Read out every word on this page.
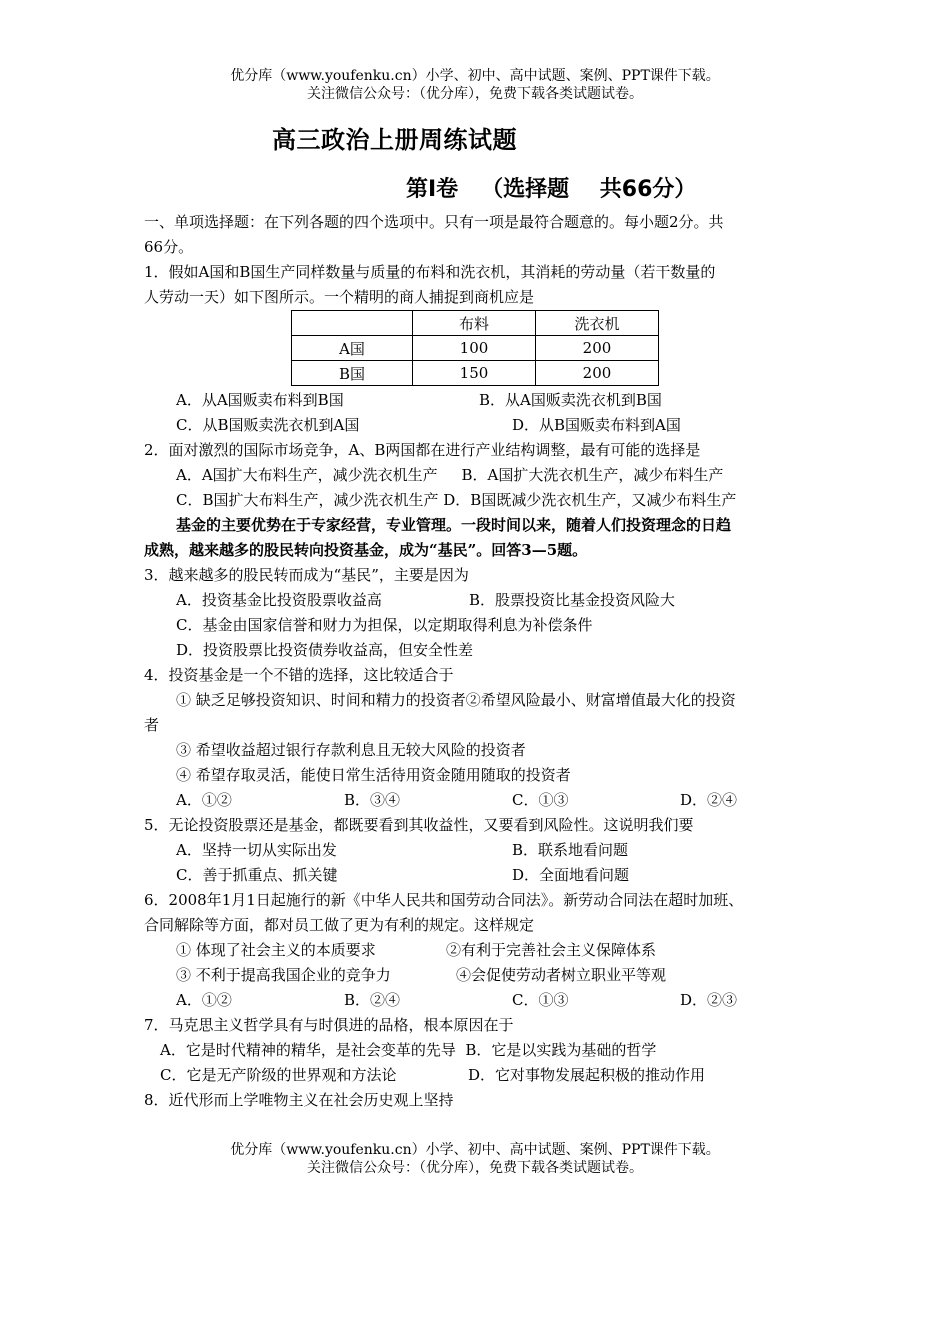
优分库（www.youfenku.cn）小学、初中、高中试题、案例、PPT课件下载。
关注微信公众号：（优分库），免费下载各类试题试卷。
高三政治上册周练试题
第Ⅰ卷   （选择题    共66分）
一、单项选择题：在下列各题的四个选项中。只有一项是最符合题意的。每小题2分。共
66分。
1．假如A国和B国生产同样数量与质量的布料和洗衣机，其消耗的劳动量（若干数量的
人劳动一天）如下图所示。一个精明的商人捕捉到商机应是
	布料	洗衣机
A国	100	200
B国	150	200
A．从A国贩卖布料到B国	B．从A国贩卖洗衣机到B国
C．从B国贩卖洗衣机到A国	D．从B国贩卖布料到A国
2．面对激烈的国际市场竞争，A、B两国都在进行产业结构调整，最有可能的选择是
A．A国扩大布料生产，减少洗衣机生产     B．A国扩大洗衣机生产，减少布料生产
C．B国扩大布料生产，减少洗衣机生产 D．B国既减少洗衣机生产，又减少布料生产
基金的主要优势在于专家经营，专业管理。一段时间以来，随着人们投资理念的日趋
成熟，越来越多的股民转向投资基金，成为“基民”。回答3—5题。
3．越来越多的股民转而成为“基民”，主要是因为
A．投资基金比投资股票收益高	B．股票投资比基金投资风险大
C．基金由国家信誉和财力为担保，以定期取得利息为补偿条件
D．投资股票比投资债券收益高，但安全性差
4．投资基金是一个不错的选择，这比较适合于
① 缺乏足够投资知识、时间和精力的投资者②希望风险最小、财富增值最大化的投资
者
③ 希望收益超过银行存款利息且无较大风险的投资者
④ 希望存取灵活，能使日常生活待用资金随用随取的投资者
A．①②	B．③④	C．①③	D．②④
5．无论投资股票还是基金，都既要看到其收益性，又要看到风险性。这说明我们要
A．坚持一切从实际出发	B．联系地看问题
C．善于抓重点、抓关键	D．全面地看问题
6．2008年1月1日起施行的新《中华人民共和国劳动合同法》。新劳动合同法在超时加班、
合同解除等方面，都对员工做了更为有利的规定。这样规定
① 体现了社会主义的本质要求	②有利于完善社会主义保障体系
③ 不利于提高我国企业的竞争力	④会促使劳动者树立职业平等观
A．①②	B．②④	C．①③	D．②③
7．马克思主义哲学具有与时俱进的品格，根本原因在于
A．它是时代精神的精华，是社会变革的先导  B．它是以实践为基础的哲学
C．它是无产阶级的世界观和方法论	D．它对事物发展起积极的推动作用
8．近代形而上学唯物主义在社会历史观上坚持
优分库（www.youfenku.cn）小学、初中、高中试题、案例、PPT课件下载。
关注微信公众号：（优分库），免费下载各类试题试卷。
